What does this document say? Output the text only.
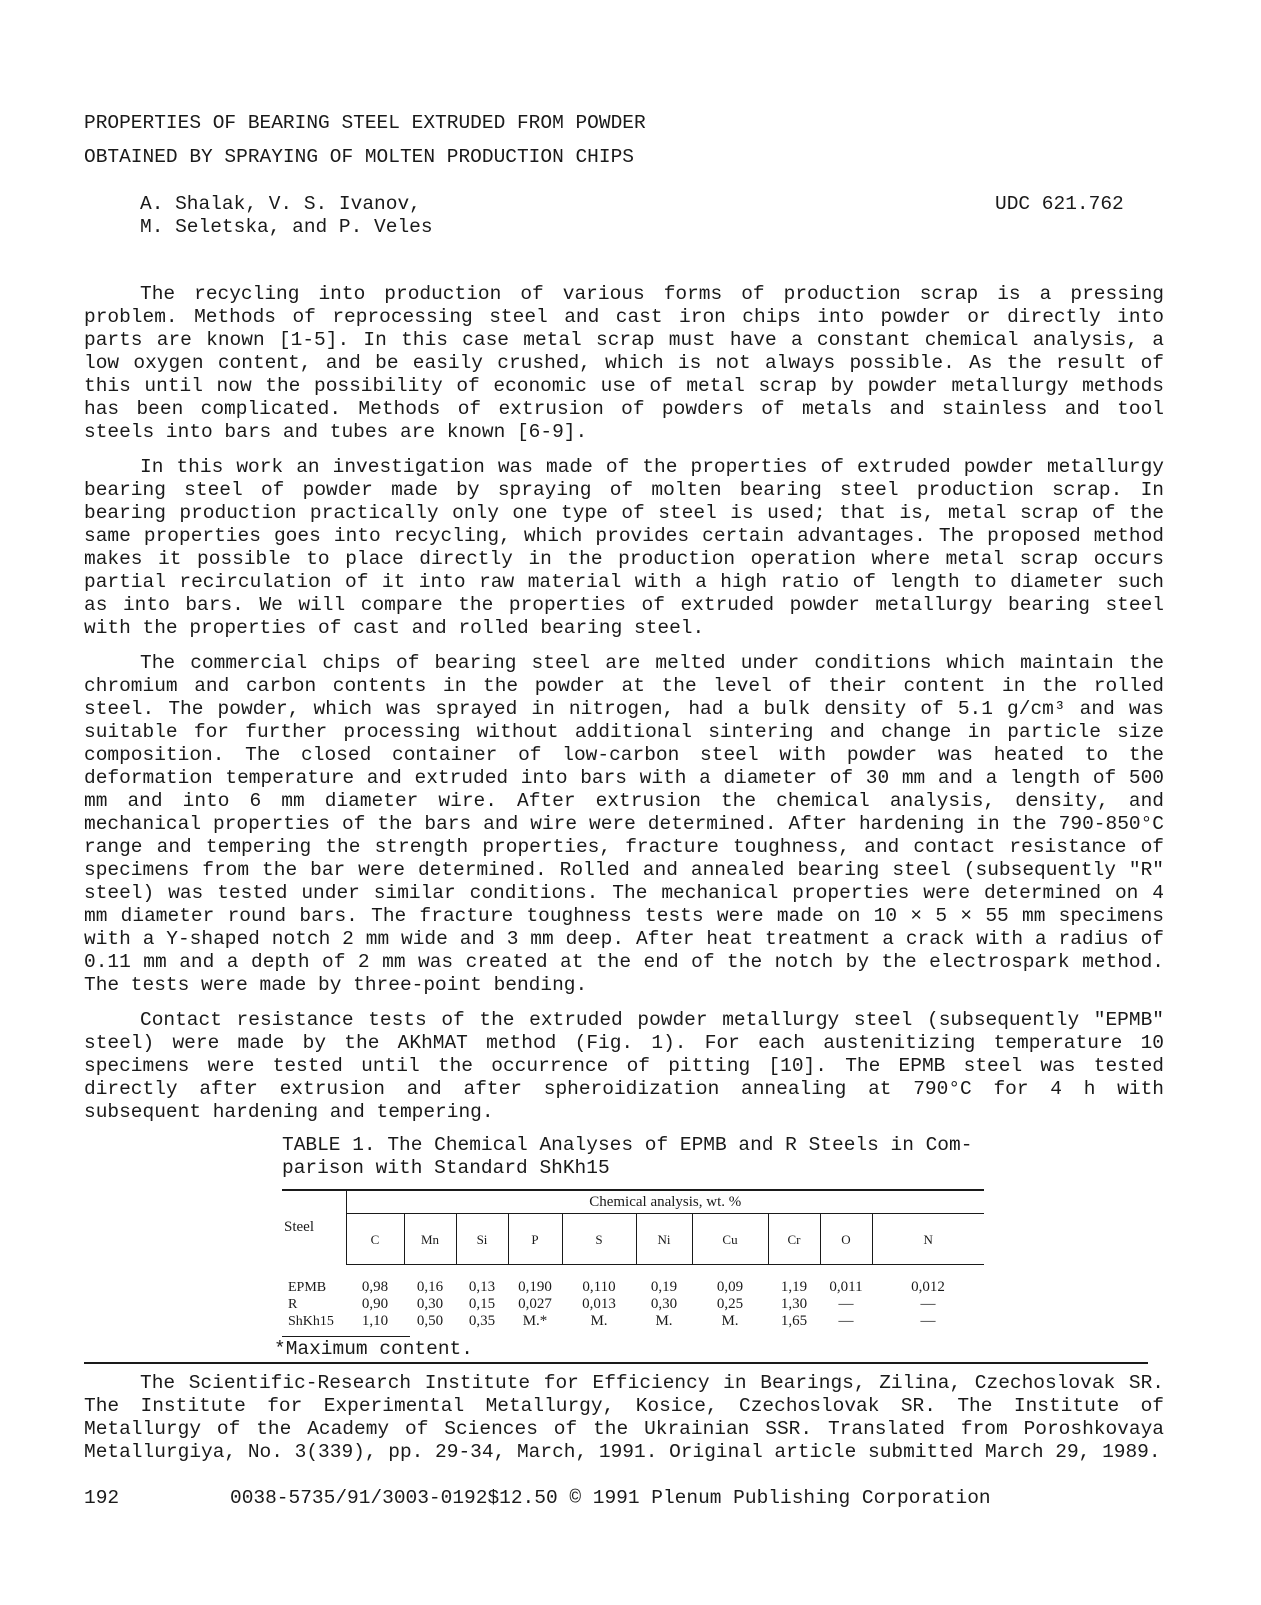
PROPERTIES OF BEARING STEEL EXTRUDED FROM POWDER
OBTAINED BY SPRAYING OF MOLTEN PRODUCTION CHIPS
A. Shalak, V. S. Ivanov,
M. Seletska, and P. Veles
UDC 621.762

The recycling into production of various forms of production scrap is a pressing problem. Methods of reprocessing steel and cast iron chips into powder or directly into parts are known [1-5]. In this case metal scrap must have a constant chemical analysis, a low oxygen content, and be easily crushed, which is not always possible. As the result of this until now the possibility of economic use of metal scrap by powder metallurgy methods has been complicated. Methods of extrusion of powders of metals and stainless and tool steels into bars and tubes are known [6-9].

In this work an investigation was made of the properties of extruded powder metallurgy bearing steel of powder made by spraying of molten bearing steel production scrap. In bearing production practically only one type of steel is used; that is, metal scrap of the same properties goes into recycling, which provides certain advantages. The proposed method makes it possible to place directly in the production operation where metal scrap occurs partial recirculation of it into raw material with a high ratio of length to diameter such as into bars. We will compare the properties of extruded powder metallurgy bearing steel with the properties of cast and rolled bearing steel.

The commercial chips of bearing steel are melted under conditions which maintain the chromium and carbon contents in the powder at the level of their content in the rolled steel. The powder, which was sprayed in nitrogen, had a bulk density of 5.1 g/cm³ and was suitable for further processing without additional sintering and change in particle size composition. The closed container of low-carbon steel with powder was heated to the deformation temperature and extruded into bars with a diameter of 30 mm and a length of 500 mm and into 6 mm diameter wire. After extrusion the chemical analysis, density, and mechanical properties of the bars and wire were determined. After hardening in the 790-850°C range and tempering the strength properties, fracture toughness, and contact resistance of specimens from the bar were determined. Rolled and annealed bearing steel (subsequently "R" steel) was tested under similar conditions. The mechanical properties were determined on 4 mm diameter round bars. The fracture toughness tests were made on 10 × 5 × 55 mm specimens with a Y-shaped notch 2 mm wide and 3 mm deep. After heat treatment a crack with a radius of 0.11 mm and a depth of 2 mm was created at the end of the notch by the electrospark method. The tests were made by three-point bending.

Contact resistance tests of the extruded powder metallurgy steel (subsequently "EPMB" steel) were made by the AKhMAT method (Fig. 1). For each austenitizing temperature 10 specimens were tested until the occurrence of pitting [10]. The EPMB steel was tested directly after extrusion and after spheroidization annealing at 790°C for 4 h with subsequent hardening and tempering.

TABLE 1. The Chemical Analyses of EPMB and R Steels in Com-
parison with Standard ShKh15
Steel	Chemical analysis, wt. %									
	C	Mn	Si	P	S	Ni	Cu	Cr	O	N
EPMB	0,98	0,16	0,13	0,190	0,110	0,19	0,09	1,19	0,011	0,012
R	0,90	0,30	0,15	0,027	0,013	0,30	0,25	1,30	—	—
ShKh15	1,10	0,50	0,35	M.*	M.	M.	M.	1,65	—	—
*Maximum content.
The Scientific-Research Institute for Efficiency in Bearings, Zilina, Czechoslovak SR. The Institute for Experimental Metallurgy, Kosice, Czechoslovak SR. The Institute of Metallurgy of the Academy of Sciences of the Ukrainian SSR. Translated from Poroshkovaya Metallurgiya, No. 3(339), pp. 29-34, March, 1991. Original article submitted March 29, 1989.
192	0038-5735/91/3003-0192$12.50 © 1991 Plenum Publishing Corporation
